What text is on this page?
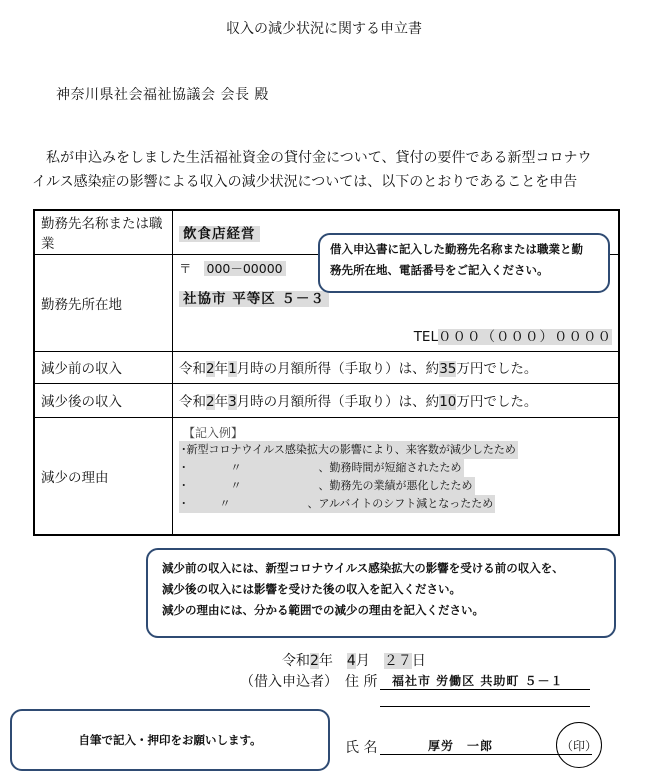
収入の減少状況に関する申立書
神奈川県社会福祉協議会 会長 殿
私が申込みをしました生活福祉資金の貸付金について、貸付の要件である新型コロナウ
イルス感染症の影響による収入の減少状況については、以下のとおりであることを申告
勤務先名称または職業	飲食店経営
勤務先所在地	〒 000－00000
社協市 平等区 ５－３
TEL０００（０００）００００

減少前の収入	令和2年1月時の月額所得（手取り）は、約35万円でした。
減少後の収入	令和2年3月時の月額所得（手取り）は、約10万円でした。
減少の理由	【記入例】
･新型コロナウイルス感染拡大の影響により、来客数が減少したため
･　　　　〃　　　　　　　、勤務時間が短縮されたため
･　　　　〃　　　　　　　、勤務先の業績が悪化したため
･　　　〃　　　　　　　、アルバイトのシフト減となったため
借入申込書に記入した勤務先名称または職業と勤
務先所在地、電話番号をご記入ください。
減少前の収入には、新型コロナウイルス感染拡大の影響を受ける前の収入を、
減少後の収入には影響を受けた後の収入を記入ください。
減少の理由には、分かる範囲での減少の理由を記入ください。
令和2年 4月 ２７日
（借入申込者） 住 所 福社市 労働区 共助町 ５－１
自筆で記入・押印をお願いします。
氏 名	厚労　一郎	（印）
